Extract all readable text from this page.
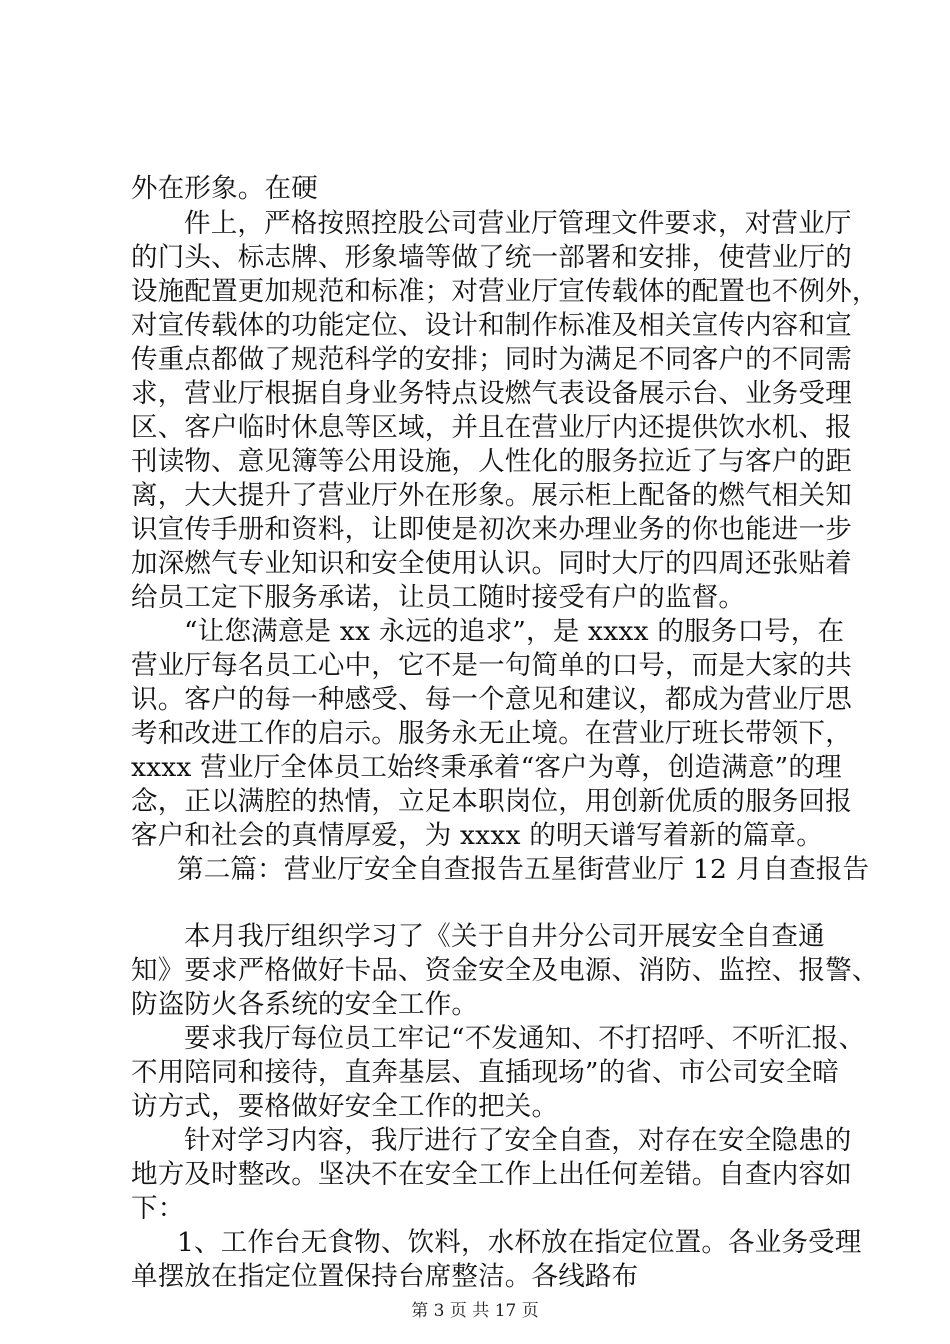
外在形象。在硬
件上，严格按照控股公司营业厅管理文件要求，对营业厅
的门头、标志牌、形象墙等做了统一部署和安排，使营业厅的
设施配置更加规范和标准；对营业厅宣传载体的配置也不例外，
对宣传载体的功能定位、设计和制作标准及相关宣传内容和宣
传重点都做了规范科学的安排；同时为满足不同客户的不同需
求，营业厅根据自身业务特点设燃气表设备展示台、业务受理
区、客户临时休息等区域，并且在营业厅内还提供饮水机、报
刊读物、意见簿等公用设施，人性化的服务拉近了与客户的距
离，大大提升了营业厅外在形象。展示柜上配备的燃气相关知
识宣传手册和资料，让即使是初次来办理业务的你也能进一步
加深燃气专业知识和安全使用认识。同时大厅的四周还张贴着
给员工定下服务承诺，让员工随时接受有户的监督。
“让您满意是 xx 永远的追求”，是 xxxx 的服务口号，在
营业厅每名员工心中，它不是一句简单的口号，而是大家的共
识。客户的每一种感受、每一个意见和建议，都成为营业厅思
考和改进工作的启示。服务永无止境。在营业厅班长带领下，
xxxx 营业厅全体员工始终秉承着“客户为尊，创造满意”的理
念，正以满腔的热情，立足本职岗位，用创新优质的服务回报
客户和社会的真情厚爱，为 xxxx 的明天谱写着新的篇章。
第二篇：营业厅安全自查报告五星街营业厅 12 月自查报告
本月我厅组织学习了《关于自井分公司开展安全自查通
知》要求严格做好卡品、资金安全及电源、消防、监控、报警、
防盗防火各系统的安全工作。
要求我厅每位员工牢记“不发通知、不打招呼、不听汇报、
不用陪同和接待，直奔基层、直插现场”的省、市公司安全暗
访方式，要格做好安全工作的把关。
针对学习内容，我厅进行了安全自查，对存在安全隐患的
地方及时整改。坚决不在安全工作上出任何差错。自查内容如
下：
1、工作台无食物、饮料，水杯放在指定位置。各业务受理
单摆放在指定位置保持台席整洁。各线路布
第 3 页 共 17 页
